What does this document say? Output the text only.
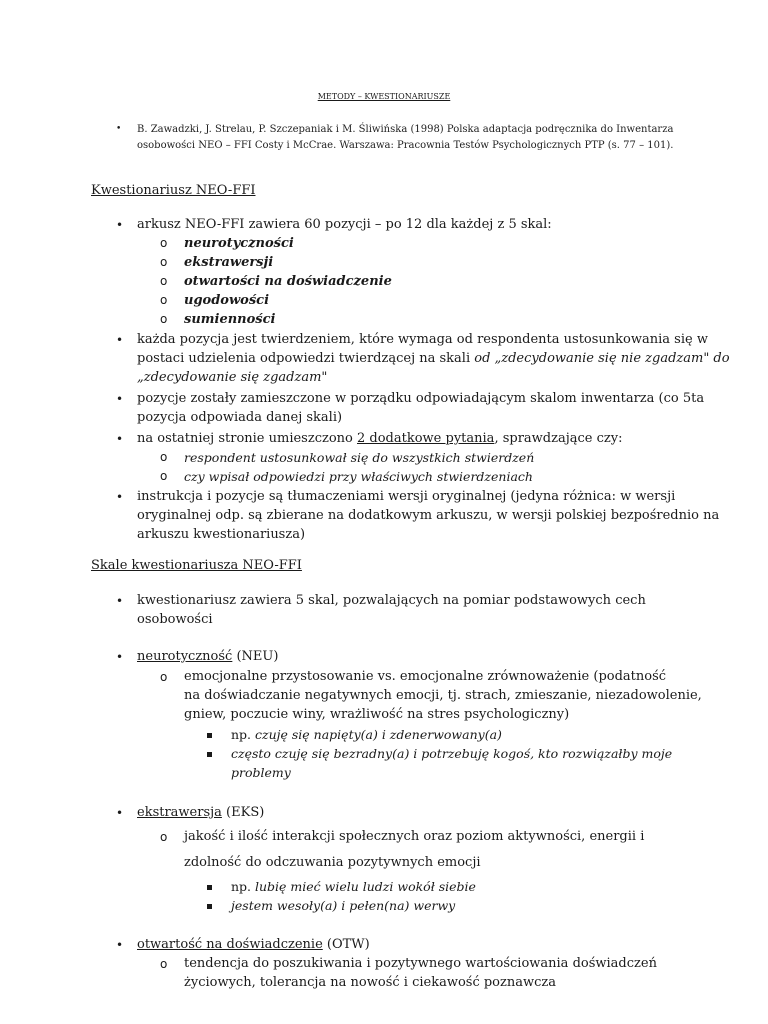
METODY – KWESTIONARIUSZE
• B. Zawadzki, J. Strelau, P. Szczepaniak i M. Śliwińska (1998) Polska adaptacja podręcznika do Inwentarza
osobowości NEO – FFI Costy i McCrae. Warszawa: Pracownia Testów Psychologicznych PTP (s. 77 – 101).
Kwestionariusz NEO-FFI
• arkusz NEO-FFI zawiera 60 pozycji – po 12 dla każdej z 5 skal:
o neurotyczności
o ekstrawersji
o otwartości na doświadczenie
o ugodowości
o sumienności
• każda pozycja jest twierdzeniem, które wymaga od respondenta ustosunkowania się w
postaci udzielenia odpowiedzi twierdzącej na skali od „zdecydowanie się nie zgadzam" do
„zdecydowanie się zgadzam"
• pozycje zostały zamieszczone w porządku odpowiadającym skalom inwentarza (co 5ta
pozycja odpowiada danej skali)
• na ostatniej stronie umieszczono 2 dodatkowe pytania, sprawdzające czy:
o respondent ustosunkował się do wszystkich stwierdzeń
o czy wpisał odpowiedzi przy właściwych stwierdzeniach
• instrukcja i pozycje są tłumaczeniami wersji oryginalnej (jedyna różnica: w wersji
oryginalnej odp. są zbierane na dodatkowym arkuszu, w wersji polskiej bezpośrednio na
arkuszu kwestionariusza)
Skale kwestionariusza NEO-FFI
• kwestionariusz zawiera 5 skal, pozwalających na pomiar podstawowych cech
osobowości
• neurotyczność (NEU)
o emocjonalne przystosowanie vs. emocjonalne zrównoważenie (podatność
na doświadczanie negatywnych emocji, tj. strach, zmieszanie, niezadowolenie,
gniew, poczucie winy, wrażliwość na stres psychologiczny)
np. czuję się napięty(a) i zdenerwowany(a)
często czuję się bezradny(a) i potrzebuję kogoś, kto rozwiązałby moje
problemy
• ekstrawersja (EKS)
o jakość i ilość interakcji społecznych oraz poziom aktywności, energii i
zdolność do odczuwania pozytywnych emocji
np. lubię mieć wielu ludzi wokół siebie
jestem wesoły(a) i pełen(na) werwy
• otwartość na doświadczenie (OTW)
o tendencja do poszukiwania i pozytywnego wartościowania doświadczeń
życiowych, tolerancja na nowość i ciekawość poznawcza
